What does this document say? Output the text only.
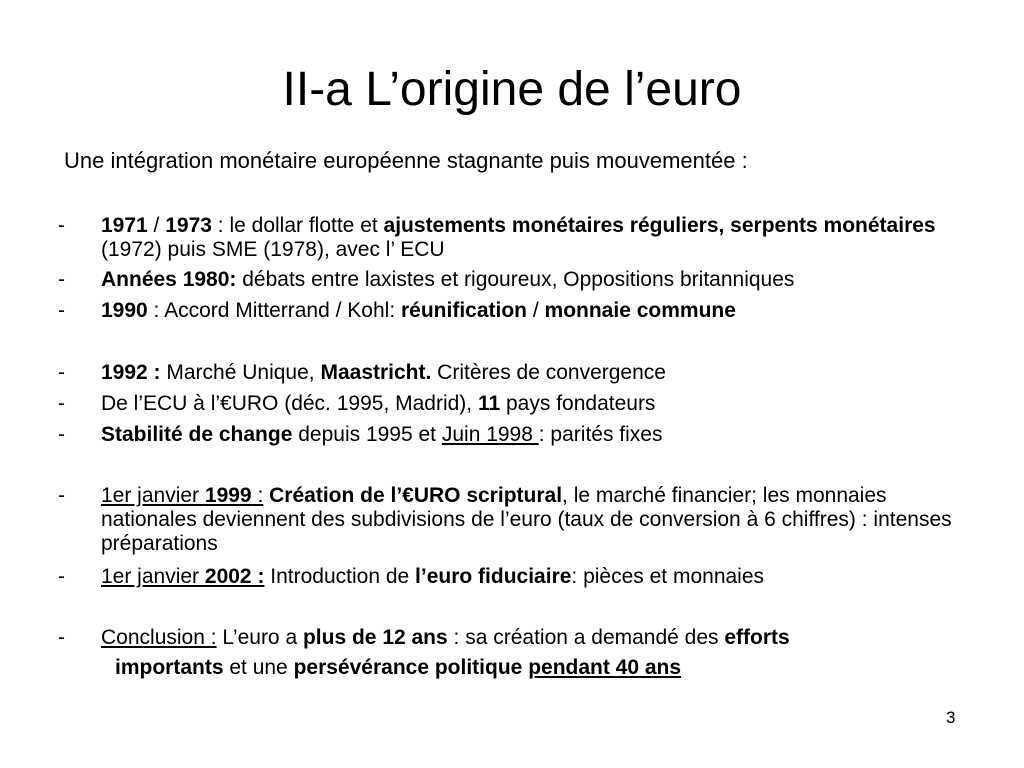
II-a L’origine de l’euro
Une intégration monétaire européenne stagnante puis mouvementée :
-	1971 / 1973 : le dollar flotte et ajustements monétaires réguliers, serpents monétaires (1972) puis SME (1978), avec l’ ECU
-	Années 1980: débats entre laxistes et rigoureux, Oppositions britanniques
-	1990 : Accord Mitterrand / Kohl: réunification / monnaie commune
-	1992 : Marché Unique, Maastricht. Critères de convergence
-	De l’ECU à l’€URO (déc. 1995, Madrid), 11 pays fondateurs
-	Stabilité de change depuis 1995 et Juin 1998 : parités fixes
-	1er janvier 1999 : Création de l’€URO scriptural, le marché financier; les monnaies nationales deviennent des subdivisions de l’euro (taux de conversion à 6 chiffres) : intenses préparations
-	1er janvier 2002 : Introduction de l’euro fiduciaire: pièces et monnaies
-	Conclusion : L’euro a plus de 12 ans : sa création a demandé des efforts
importants et une persévérance politique pendant 40 ans
3
